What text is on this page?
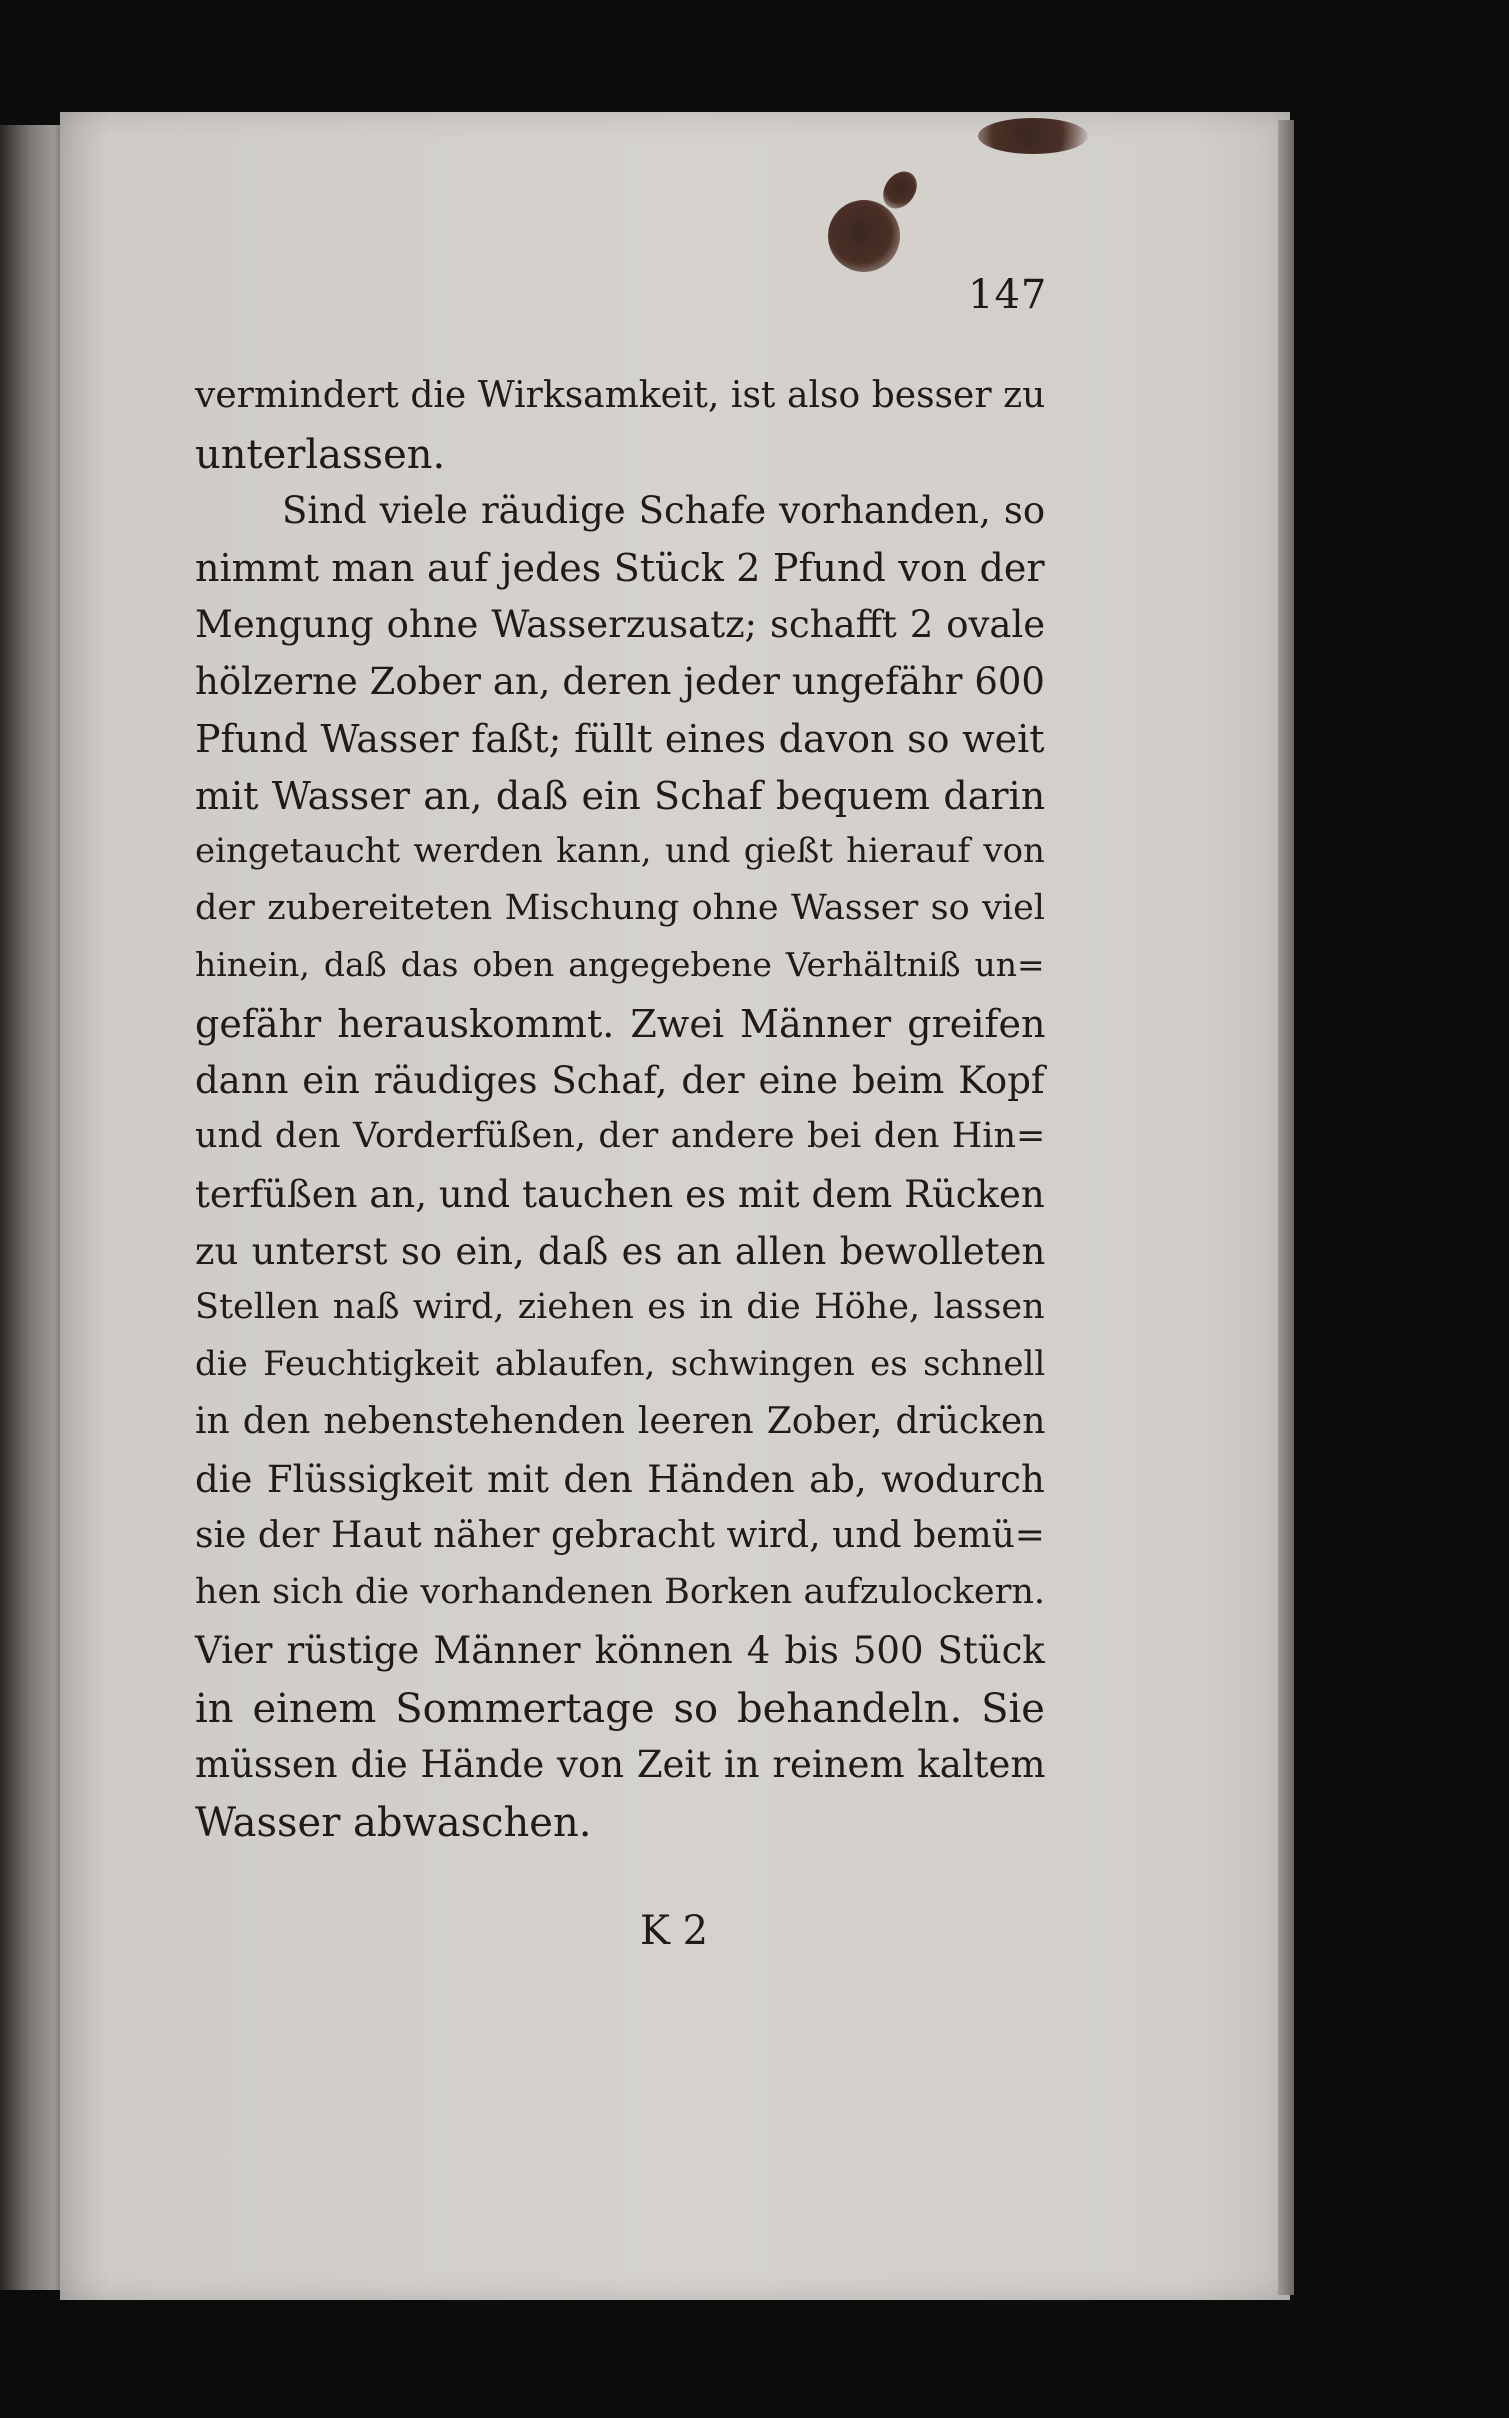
147
vermindert die Wirksamkeit, ist also besser zu
unterlassen.
Sind viele räudige Schafe vorhanden, so
nimmt man auf jedes Stück 2 Pfund von der
Mengung ohne Wasserzusatz; schafft 2 ovale
hölzerne Zober an, deren jeder ungefähr 600
Pfund Wasser faßt; füllt eines davon so weit
mit Wasser an, daß ein Schaf bequem darin
eingetaucht werden kann, und gießt hierauf von
der zubereiteten Mischung ohne Wasser so viel
hinein, daß das oben angegebene Verhältniß un=
gefähr herauskommt. Zwei Männer greifen
dann ein räudiges Schaf, der eine beim Kopf
und den Vorderfüßen, der andere bei den Hin=
terfüßen an, und tauchen es mit dem Rücken
zu unterst so ein, daß es an allen bewolleten
Stellen naß wird, ziehen es in die Höhe, lassen
die Feuchtigkeit ablaufen, schwingen es schnell
in den nebenstehenden leeren Zober, drücken
die Flüssigkeit mit den Händen ab, wodurch
sie der Haut näher gebracht wird, und bemü=
hen sich die vorhandenen Borken aufzulockern.
Vier rüstige Männer können 4 bis 500 Stück
in einem Sommertage so behandeln. Sie
müssen die Hände von Zeit in reinem kaltem
Wasser abwaschen.
K 2
